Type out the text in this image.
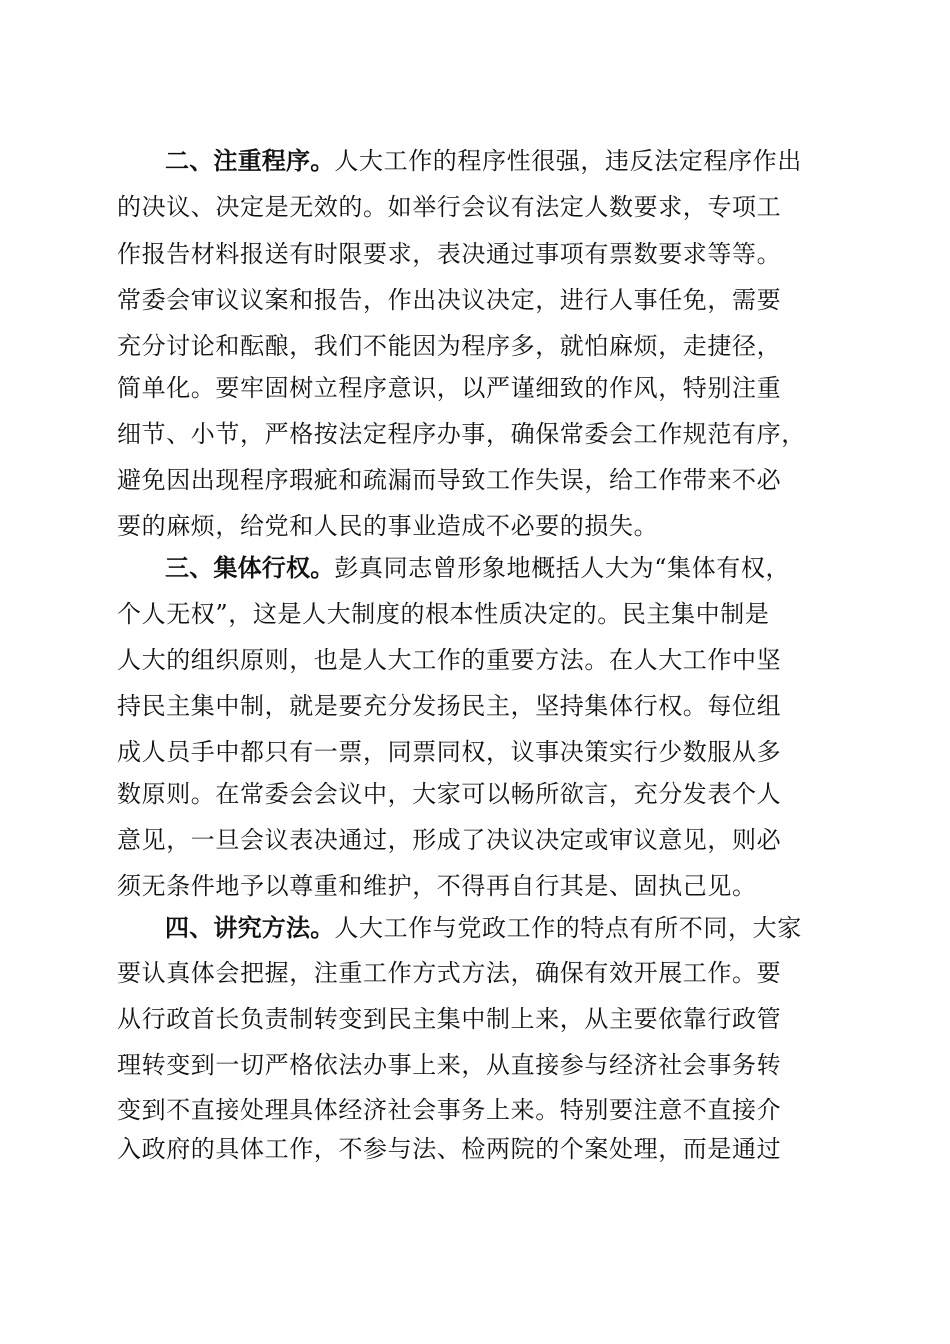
二、注重程序。人大工作的程序性很强，违反法定程序作出
的决议、决定是无效的。如举行会议有法定人数要求，专项工
作报告材料报送有时限要求，表决通过事项有票数要求等等。
常委会审议议案和报告，作出决议决定，进行人事任免，需要
充分讨论和酝酿，我们不能因为程序多，就怕麻烦，走捷径，
简单化。要牢固树立程序意识，以严谨细致的作风，特别注重
细节、小节，严格按法定程序办事，确保常委会工作规范有序，
避免因出现程序瑕疵和疏漏而导致工作失误，给工作带来不必
要的麻烦，给党和人民的事业造成不必要的损失。
三、集体行权。彭真同志曾形象地概括人大为“集体有权，
个人无权”，这是人大制度的根本性质决定的。民主集中制是
人大的组织原则，也是人大工作的重要方法。在人大工作中坚
持民主集中制，就是要充分发扬民主，坚持集体行权。每位组
成人员手中都只有一票，同票同权，议事决策实行少数服从多
数原则。在常委会会议中，大家可以畅所欲言，充分发表个人
意见，一旦会议表决通过，形成了决议决定或审议意见，则必
须无条件地予以尊重和维护，不得再自行其是、固执己见。
四、讲究方法。人大工作与党政工作的特点有所不同，大家
要认真体会把握，注重工作方式方法，确保有效开展工作。要
从行政首长负责制转变到民主集中制上来，从主要依靠行政管
理转变到一切严格依法办事上来，从直接参与经济社会事务转
变到不直接处理具体经济社会事务上来。特别要注意不直接介
入政府的具体工作，不参与法、检两院的个案处理，而是通过
